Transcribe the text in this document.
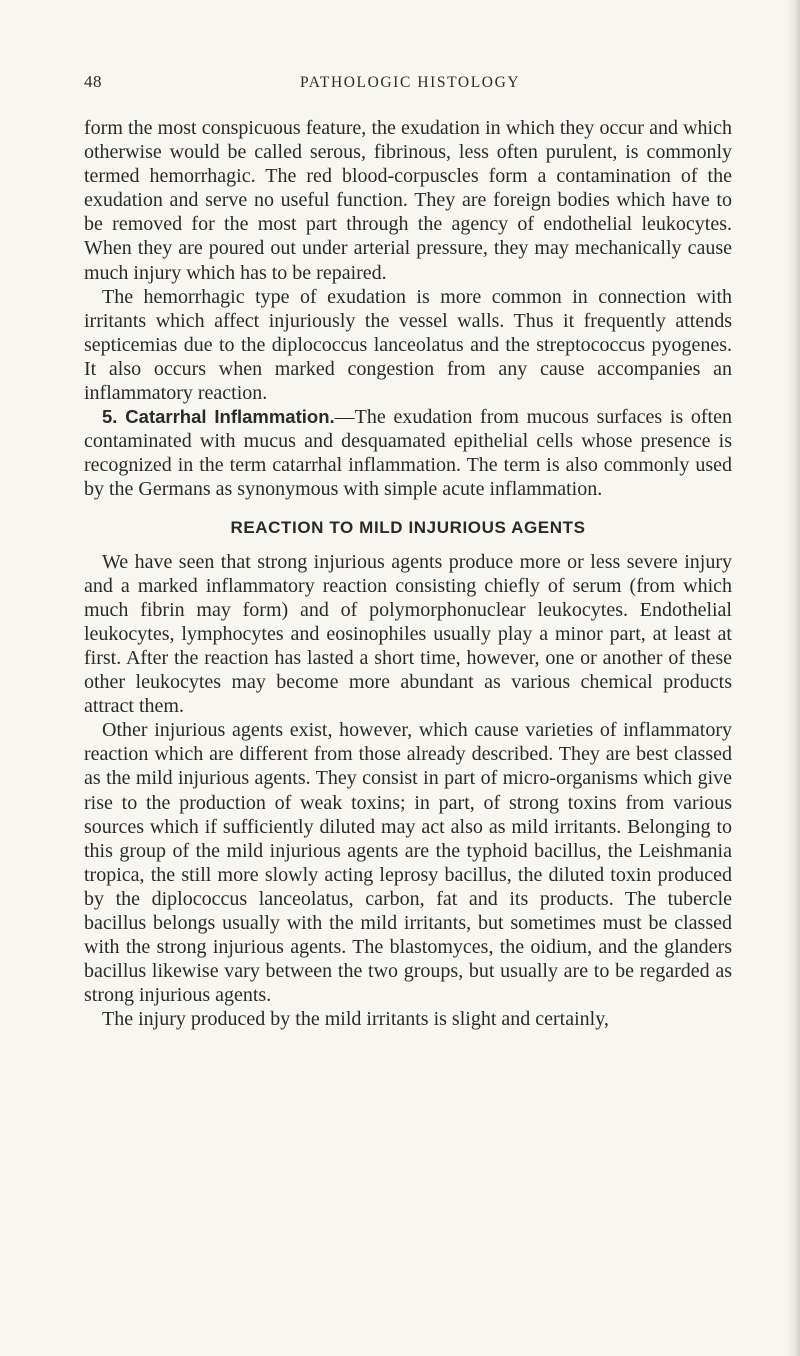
48	PATHOLOGIC HISTOLOGY

form the most conspicuous feature, the exudation in which they occur and which otherwise would be called serous, fibrinous, less often purulent, is commonly termed hemorrhagic. The red blood-corpuscles form a contamination of the exudation and serve no useful function. They are foreign bodies which have to be removed for the most part through the agency of endothelial leukocytes. When they are poured out under arterial pressure, they may mechanically cause much injury which has to be repaired.

The hemorrhagic type of exudation is more common in connection with irritants which affect injuriously the vessel walls. Thus it frequently attends septicemias due to the diplococcus lanceolatus and the streptococcus pyogenes. It also occurs when marked congestion from any cause accompanies an inflammatory reaction.

5. Catarrhal Inflammation.—The exudation from mucous surfaces is often contaminated with mucus and desquamated epithelial cells whose presence is recognized in the term catarrhal inflammation. The term is also commonly used by the Germans as synonymous with simple acute inflammation.

REACTION TO MILD INJURIOUS AGENTS

We have seen that strong injurious agents produce more or less severe injury and a marked inflammatory reaction consisting chiefly of serum (from which much fibrin may form) and of polymorphonuclear leukocytes. Endothelial leukocytes, lymphocytes and eosinophiles usually play a minor part, at least at first. After the reaction has lasted a short time, however, one or another of these other leukocytes may become more abundant as various chemical products attract them.

Other injurious agents exist, however, which cause varieties of inflammatory reaction which are different from those already described. They are best classed as the mild injurious agents. They consist in part of micro-organisms which give rise to the production of weak toxins; in part, of strong toxins from various sources which if sufficiently diluted may act also as mild irritants. Belonging to this group of the mild injurious agents are the typhoid bacillus, the Leishmania tropica, the still more slowly acting leprosy bacillus, the diluted toxin produced by the diplococcus lanceolatus, carbon, fat and its products. The tubercle bacillus belongs usually with the mild irritants, but sometimes must be classed with the strong injurious agents. The blastomyces, the oidium, and the glanders bacillus likewise vary between the two groups, but usually are to be regarded as strong injurious agents.

The injury produced by the mild irritants is slight and certainly,
